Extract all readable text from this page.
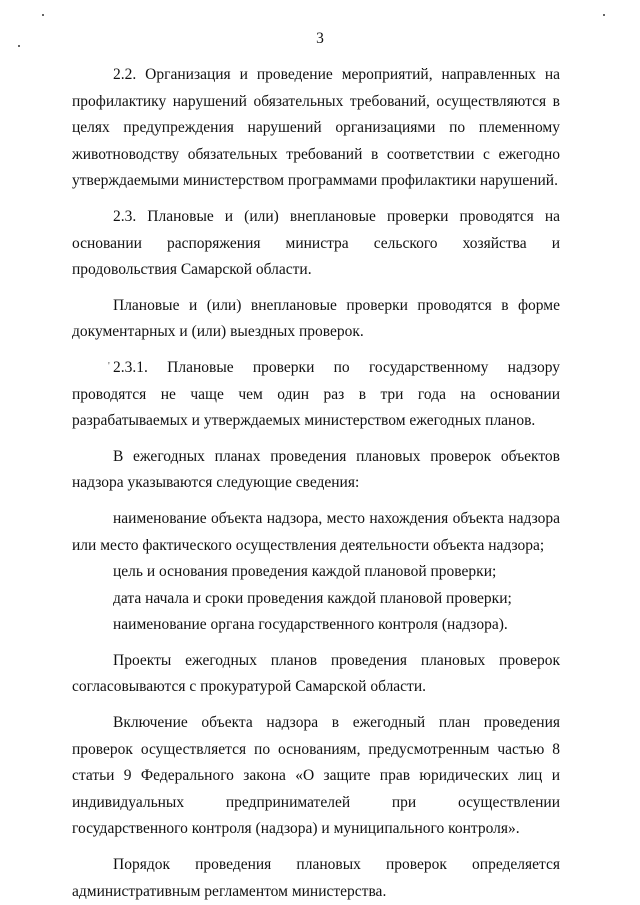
3

2.2. Организация и проведение мероприятий, направленных на профилактику нарушений обязательных требований, осуществляются в целях предупреждения нарушений организациями по племенному животноводству обязательных требований в соответствии с ежегодно утверждаемыми министерством программами профилактики нарушений.

2.3. Плановые и (или) внеплановые проверки проводятся на основании распоряжения министра сельского хозяйства и продовольствия Самарской области.

Плановые и (или) внеплановые проверки проводятся в форме документарных и (или) выездных проверок.

' 2.3.1. Плановые проверки по государственному надзору проводятся не чаще чем один раз в три года на основании разрабатываемых и утверждаемых министерством ежегодных планов.

В ежегодных планах проведения плановых проверок объектов надзора указываются следующие сведения:

наименование объекта надзора, место нахождения объекта надзора или место фактического осуществления деятельности объекта надзора;

цель и основания проведения каждой плановой проверки;

дата начала и сроки проведения каждой плановой проверки;

наименование органа государственного контроля (надзора).

Проекты ежегодных планов проведения плановых проверок согласовываются с прокуратурой Самарской области.

Включение объекта надзора в ежегодный план проведения проверок осуществляется по основаниям, предусмотренным частью 8 статьи 9 Федерального закона «О защите прав юридических лиц и индивидуальных предпринимателей при осуществлении государственного контроля (надзора) и муниципального контроля».

Порядок проведения плановых проверок определяется административным регламентом министерства.
